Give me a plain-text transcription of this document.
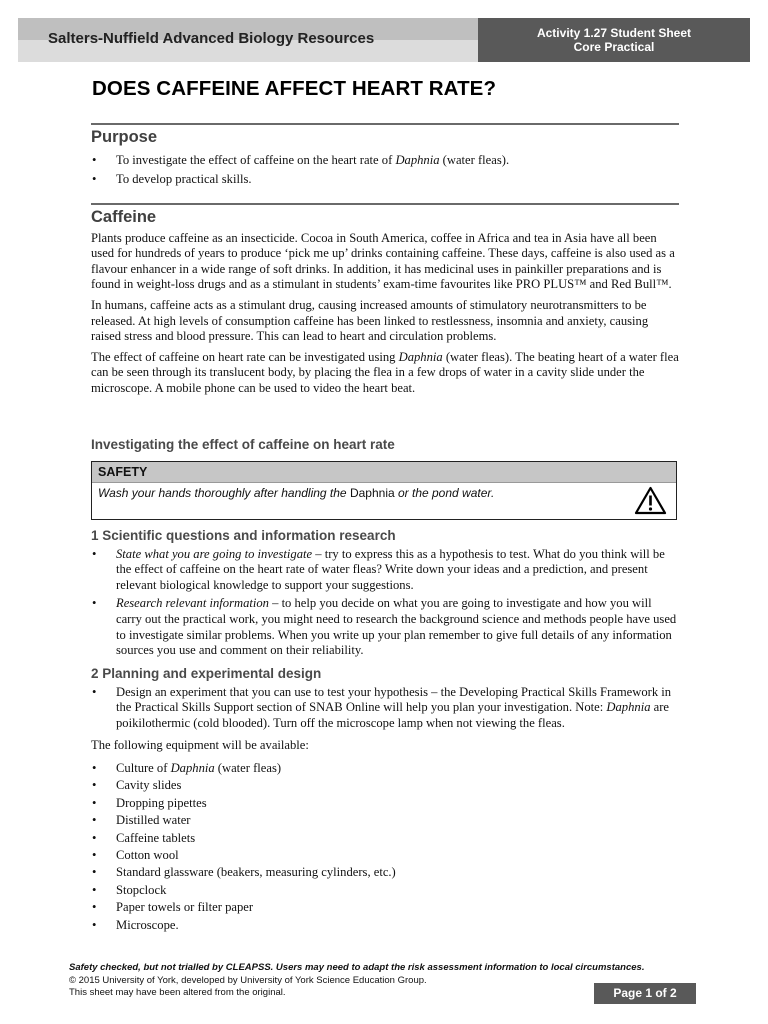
Salters-Nuffield Advanced Biology Resources	Activity 1.27 Student Sheet
Core Practical
DOES CAFFEINE AFFECT HEART RATE?
Purpose
• To investigate the effect of caffeine on the heart rate of Daphnia (water fleas).
• To develop practical skills.
Caffeine

Plants produce caffeine as an insecticide. Cocoa in South America, coffee in Africa and tea in Asia have all been used for hundreds of years to produce ‘pick me up’ drinks containing caffeine. These days, caffeine is also used as a flavour enhancer in a wide range of soft drinks. In addition, it has medicinal uses in painkiller preparations and is found in weight-loss drugs and as a stimulant in students’ exam-time favourites like PRO PLUS™ and Red Bull™.

In humans, caffeine acts as a stimulant drug, causing increased amounts of stimulatory neurotransmitters to be released. At high levels of consumption caffeine has been linked to restlessness, insomnia and anxiety, causing raised stress and blood pressure. This can lead to heart and circulation problems.

The effect of caffeine on heart rate can be investigated using Daphnia (water fleas). The beating heart of a water flea can be seen through its translucent body, by placing the flea in a few drops of water in a cavity slide under the microscope. A mobile phone can be used to video the heart beat.

Investigating the effect of caffeine on heart rate
SAFETY
Wash your hands thoroughly after handling the Daphnia or the pond water.
1 Scientific questions and information research
• State what you are going to investigate – try to express this as a hypothesis to test. What do you think will be the effect of caffeine on the heart rate of water fleas? Write down your ideas and a prediction, and present relevant biological knowledge to support your suggestions.
• Research relevant information – to help you decide on what you are going to investigate and how you will carry out the practical work, you might need to research the background science and methods people have used to investigate similar problems. When you write up your plan remember to give full details of any information sources you use and comment on their reliability.
2 Planning and experimental design
• Design an experiment that you can use to test your hypothesis – the Developing Practical Skills Framework in the Practical Skills Support section of SNAB Online will help you plan your investigation. Note: Daphnia are poikilothermic (cold blooded). Turn off the microscope lamp when not viewing the fleas.

The following equipment will be available:

• Culture of Daphnia (water fleas)
• Cavity slides
• Dropping pipettes
• Distilled water
• Caffeine tablets
• Cotton wool
• Standard glassware (beakers, measuring cylinders, etc.)
• Stopclock
• Paper towels or filter paper
• Microscope.
Safety checked, but not trialled by CLEAPSS. Users may need to adapt the risk assessment information to local circumstances.
© 2015 University of York, developed by University of York Science Education Group.
This sheet may have been altered from the original.	Page 1 of 2
